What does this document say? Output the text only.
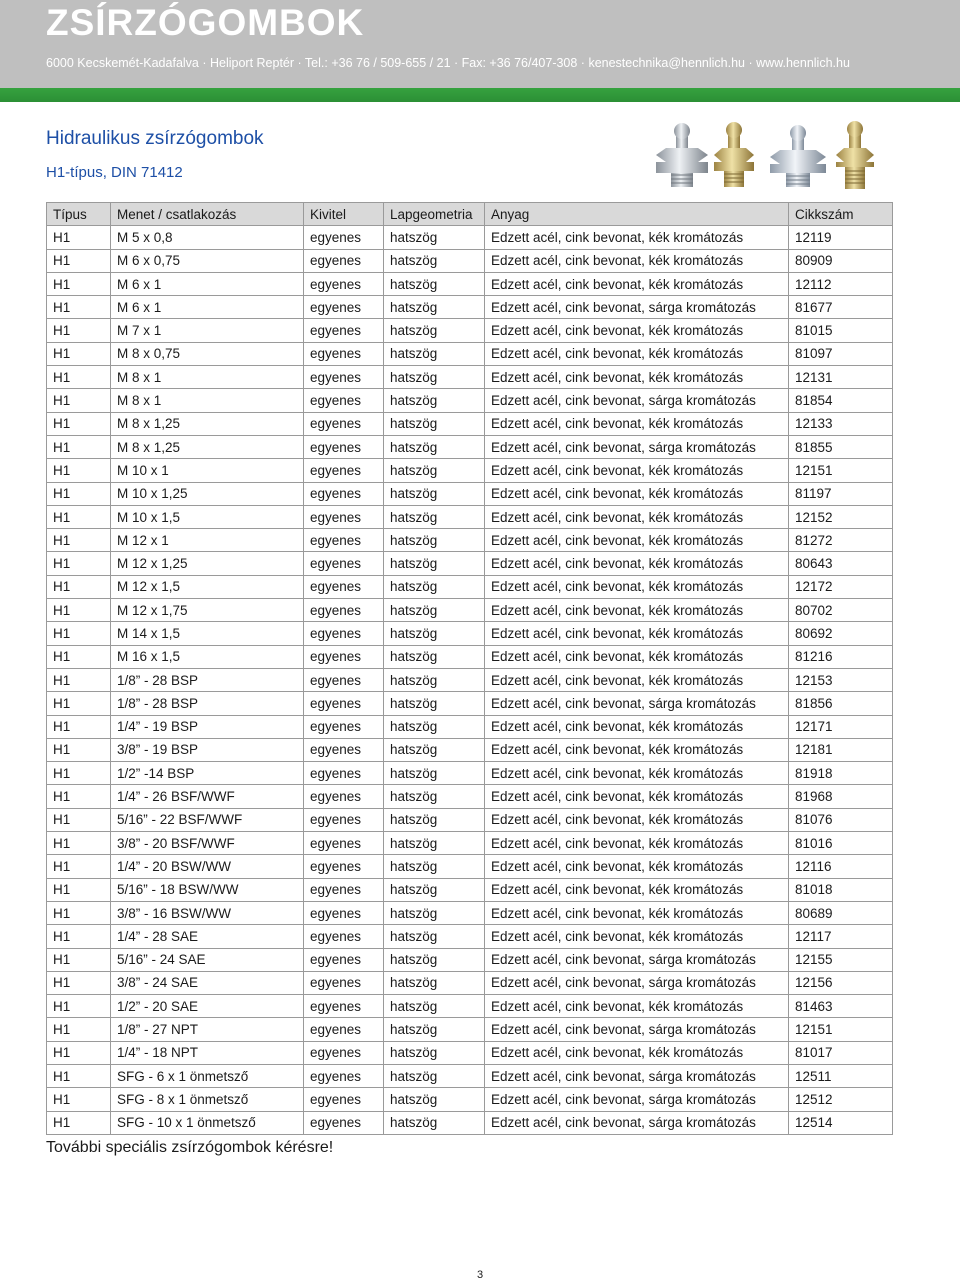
ZSÍRZÓGOMBOK
6000 Kecskemét-Kadafalva · Heliport Reptér · Tel.: +36 76 / 509-655 / 21 · Fax: +36 76/407-308 · kenestechnika@hennlich.hu · www.hennlich.hu
Hidraulikus zsírzógombok
H1-típus, DIN 71412
Típus	Menet / csatlakozás	Kivitel	Lapgeometria	Anyag	Cikkszám
H1	M 5 x 0,8	egyenes	hatszög	Edzett acél, cink bevonat, kék kromátozás	12119
H1	M 6 x 0,75	egyenes	hatszög	Edzett acél, cink bevonat, kék kromátozás	80909
H1	M 6 x 1	egyenes	hatszög	Edzett acél, cink bevonat, kék kromátozás	12112
H1	M 6 x 1	egyenes	hatszög	Edzett acél, cink bevonat, sárga kromátozás	81677
H1	M 7 x 1	egyenes	hatszög	Edzett acél, cink bevonat, kék kromátozás	81015
H1	M 8 x 0,75	egyenes	hatszög	Edzett acél, cink bevonat, kék kromátozás	81097
H1	M 8 x 1	egyenes	hatszög	Edzett acél, cink bevonat, kék kromátozás	12131
H1	M 8 x 1	egyenes	hatszög	Edzett acél, cink bevonat, sárga kromátozás	81854
H1	M 8 x 1,25	egyenes	hatszög	Edzett acél, cink bevonat, kék kromátozás	12133
H1	M 8 x 1,25	egyenes	hatszög	Edzett acél, cink bevonat, sárga kromátozás	81855
H1	M 10 x 1	egyenes	hatszög	Edzett acél, cink bevonat, kék kromátozás	12151
H1	M 10 x 1,25	egyenes	hatszög	Edzett acél, cink bevonat, kék kromátozás	81197
H1	M 10 x 1,5	egyenes	hatszög	Edzett acél, cink bevonat, kék kromátozás	12152
H1	M 12 x 1	egyenes	hatszög	Edzett acél, cink bevonat, kék kromátozás	81272
H1	M 12 x 1,25	egyenes	hatszög	Edzett acél, cink bevonat, kék kromátozás	80643
H1	M 12 x 1,5	egyenes	hatszög	Edzett acél, cink bevonat, kék kromátozás	12172
H1	M 12 x 1,75	egyenes	hatszög	Edzett acél, cink bevonat, kék kromátozás	80702
H1	M 14 x 1,5	egyenes	hatszög	Edzett acél, cink bevonat, kék kromátozás	80692
H1	M 16 x 1,5	egyenes	hatszög	Edzett acél, cink bevonat, kék kromátozás	81216
H1	1/8” - 28 BSP	egyenes	hatszög	Edzett acél, cink bevonat, kék kromátozás	12153
H1	1/8” - 28 BSP	egyenes	hatszög	Edzett acél, cink bevonat, sárga kromátozás	81856
H1	1/4” - 19 BSP	egyenes	hatszög	Edzett acél, cink bevonat, kék kromátozás	12171
H1	3/8” - 19 BSP	egyenes	hatszög	Edzett acél, cink bevonat, kék kromátozás	12181
H1	1/2” -14 BSP	egyenes	hatszög	Edzett acél, cink bevonat, kék kromátozás	81918
H1	1/4” - 26 BSF/WWF	egyenes	hatszög	Edzett acél, cink bevonat, kék kromátozás	81968
H1	5/16” - 22 BSF/WWF	egyenes	hatszög	Edzett acél, cink bevonat, kék kromátozás	81076
H1	3/8” - 20 BSF/WWF	egyenes	hatszög	Edzett acél, cink bevonat, kék kromátozás	81016
H1	1/4” - 20 BSW/WW	egyenes	hatszög	Edzett acél, cink bevonat, kék kromátozás	12116
H1	5/16” - 18 BSW/WW	egyenes	hatszög	Edzett acél, cink bevonat, kék kromátozás	81018
H1	3/8” - 16 BSW/WW	egyenes	hatszög	Edzett acél, cink bevonat, kék kromátozás	80689
H1	1/4” - 28 SAE	egyenes	hatszög	Edzett acél, cink bevonat, kék kromátozás	12117
H1	5/16” - 24 SAE	egyenes	hatszög	Edzett acél, cink bevonat, sárga kromátozás	12155
H1	3/8” - 24 SAE	egyenes	hatszög	Edzett acél, cink bevonat, sárga kromátozás	12156
H1	1/2” - 20 SAE	egyenes	hatszög	Edzett acél, cink bevonat, kék kromátozás	81463
H1	1/8” - 27 NPT	egyenes	hatszög	Edzett acél, cink bevonat, sárga kromátozás	12151
H1	1/4” - 18 NPT	egyenes	hatszög	Edzett acél, cink bevonat, kék kromátozás	81017
H1	SFG - 6 x 1 önmetsző	egyenes	hatszög	Edzett acél, cink bevonat, sárga kromátozás	12511
H1	SFG - 8 x 1 önmetsző	egyenes	hatszög	Edzett acél, cink bevonat, sárga kromátozás	12512
H1	SFG - 10 x 1 önmetsző	egyenes	hatszög	Edzett acél, cink bevonat, sárga kromátozás	12514
További speciális zsírzógombok kérésre!
3
